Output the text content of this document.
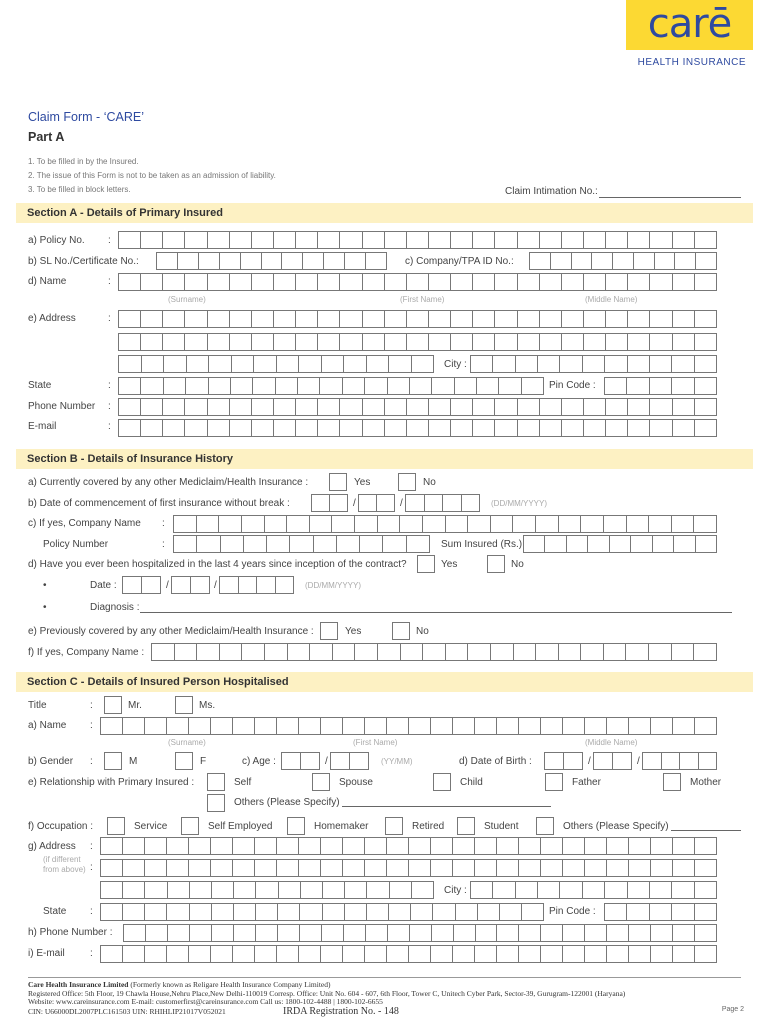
carē
HEALTH INSURANCE
Claim Form - ‘CARE’
Part A
1. To be filled in by the Insured.
2. The issue of this Form is not to be taken as an admission of liability.
3. To be filled in block letters.	Claim Intimation No.:
Section A - Details of Primary Insured
a) Policy No. :
b) SL No./Certificate No.:	c) Company/TPA ID No.:
d) Name	:
(Surname)	(First Name)	(Middle Name)
e) Address	:
City :
State	:	Pin Code :
Phone Number :
E-mail	:
Section B - Details of Insurance History
a) Currently covered by any other Mediclaim/Health Insurance :	Yes	No
b) Date of commencement of first insurance without break :	/	/	(DD/MM/YYYY)
c) If yes, Company Name :
Policy Number	:	Sum Insured (Rs.):
d) Have you ever been hospitalized in the last 4 years since inception of the contract?	Yes	No
•	Date :	/	/	(DD/MM/YYYY)
•	Diagnosis :
e) Previously covered by any other Mediclaim/Health Insurance :	Yes	No
f) If yes, Company Name :
Section C - Details of Insured Person Hospitalised
Title	:	Mr.	Ms.
a) Name :
(Surname)	(First Name)	(Middle Name)
b) Gender :	M	F	c) Age :	/	(YY/MM)	d) Date of Birth :	/	/
e) Relationship with Primary Insured :	Self	Spouse	Child	Father	Mother
Others (Please Specify)
f) Occupation :	Service	Self Employed	Homemaker	Retired	Student	Others (Please Specify)
g) Address :
(if different
from above) :
City :
State :	Pin Code :
h) Phone Number :
i) E-mail	:
Care Health Insurance Limited (Formerly known as Religare Health Insurance Company Limited)
Registered Office: 5th Floor, 19 Chawla House,Nehru Place,New Delhi-110019 Corresp. Office: Unit No. 604 - 607, 6th Floor, Tower C, Unitech Cyber Park, Sector-39, Gurugram-122001 (Haryana)
Website: www.careinsurance.com E-mail: customerfirst@careinsurance.com Call us: 1800-102-4488 | 1800-102-6655
CIN: U66000DL2007PLC161503 UIN: RHIHLIP21017V052021	IRDA Registration No. - 148	Page 2
